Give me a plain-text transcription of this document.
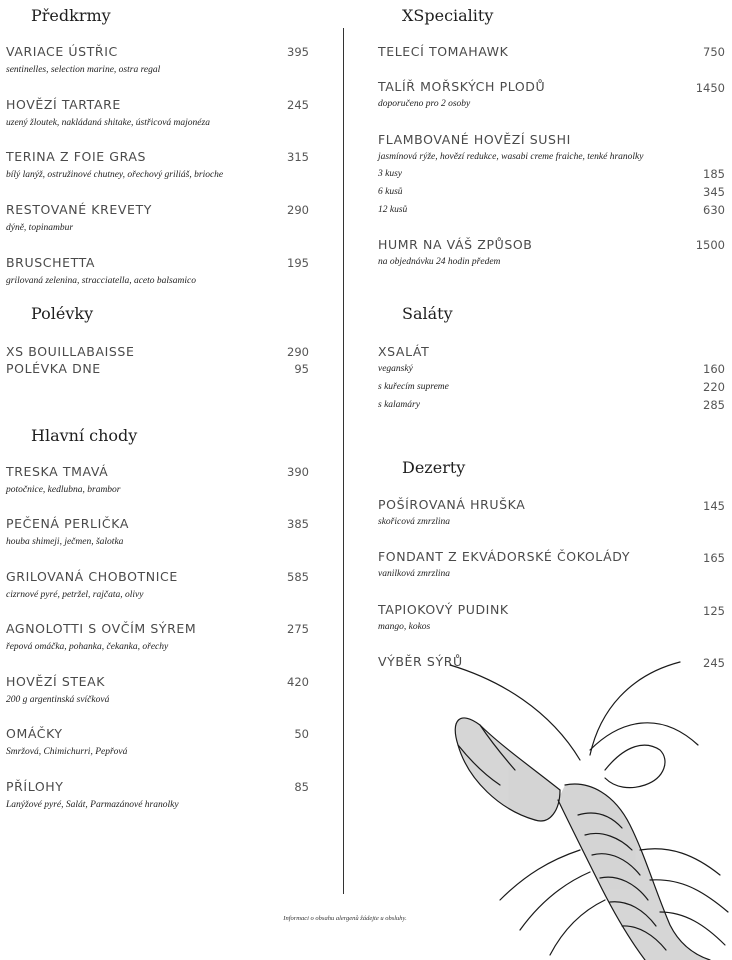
Předkrmy
VARIACE ÚSTŘIC	395
sentinelles, selection marine, ostra regal
HOVĚZÍ TARTARE	245
uzený žloutek, nakládaná shitake, ústřicová majonéza
TERINA Z FOIE GRAS	315
bílý lanýž, ostružinové chutney, ořechový griliáš, brioche
RESTOVANÉ KREVETY	290
dýně, topinambur
BRUSCHETTA	195
grilovaná zelenina, stracciatella, aceto balsamico
Polévky
XS BOUILLABAISSE	290
POLÉVKA DNE	95
Hlavní chody
TRESKA TMAVÁ	390
potočnice, kedlubna, brambor
PEČENÁ PERLIČKA	385
houba shimeji, ječmen, šalotka
GRILOVANÁ CHOBOTNICE	585
cizrnové pyré, petržel, rajčata, olivy
AGNOLOTTI S OVČÍM SÝREM	275
řepová omáčka, pohanka, čekanka, ořechy
HOVĚZÍ STEAK	420
200 g argentinská svíčková
OMÁČKY	50
Smržová, Chimichurri, Pepřová
PŘÍLOHY	85
Lanýžové pyré, Salát, Parmazánové hranolky
XSpeciality
TELECÍ TOMAHAWK	750
TALÍŘ MOŘSKÝCH PLODŮ	1450
doporučeno pro 2 osoby
FLAMBOVANÉ HOVĚZÍ SUSHI
jasmínová rýže, hovězí redukce, wasabi creme fraiche, tenké hranolky
3 kusy	185
6 kusů	345
12 kusů	630
HUMR NA VÁŠ ZPŮSOB	1500
na objednávku 24 hodin předem
Saláty
XSALÁT
veganský	160
s kuřecím supreme	220
s kalamáry	285
Dezerty
POŠÍROVANÁ HRUŠKA	145
skořicová zmrzlina
FONDANT Z EKVÁDORSKÉ ČOKOLÁDY	165
vanilková zmrzlina
TAPIOKOVÝ PUDINK	125
mango, kokos
VÝBĚR SÝRŮ	245
Informaci o obsahu alergenů žádejte u obsluhy.
